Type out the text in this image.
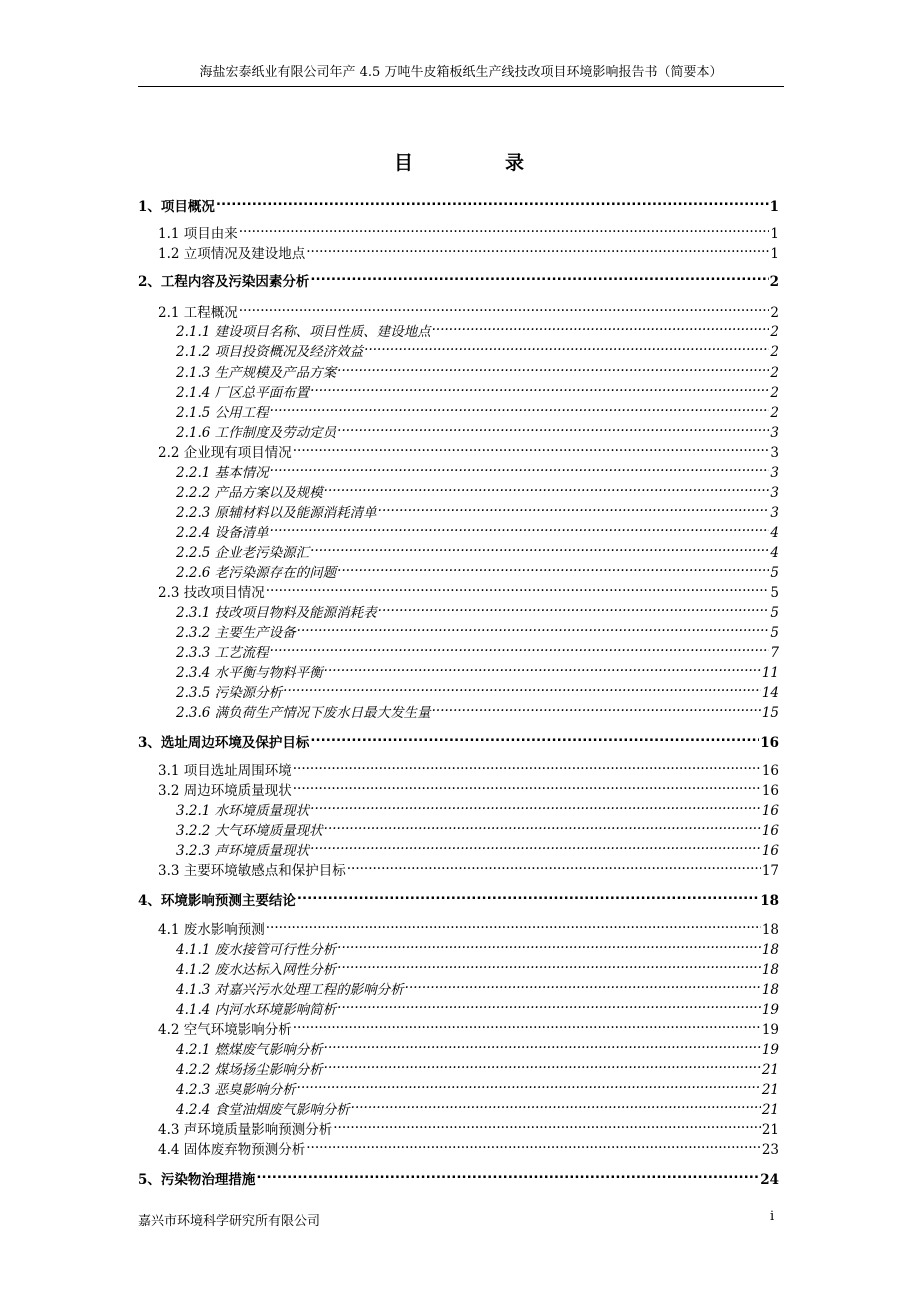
海盐宏泰纸业有限公司年产 4.5 万吨牛皮箱板纸生产线技改项目环境影响报告书（简要本）
目	录
1、项目概况 .....	1
1.1 项目由来 .....	1
1.2 立项情况及建设地点 .....	1
2、工程内容及污染因素分析 .....	2
2.1 工程概况 .....	2
2.1.1 建设项目名称、项目性质、建设地点 .....	2
2.1.2 项目投资概况及经济效益 .....	2
2.1.3 生产规模及产品方案 .....	2
2.1.4 厂区总平面布置 .....	2
2.1.5 公用工程 .....	2
2.1.6 工作制度及劳动定员 .....	3
2.2 企业现有项目情况 .....	3
2.2.1 基本情况 .....	3
2.2.2 产品方案以及规模 .....	3
2.2.3 原辅材料以及能源消耗清单 .....	3
2.2.4 设备清单 .....	4
2.2.5 企业老污染源汇 .....	4
2.2.6 老污染源存在的问题 .....	5
2.3 技改项目情况 .....	5
2.3.1 技改项目物料及能源消耗表 .....	5
2.3.2 主要生产设备 .....	5
2.3.3 工艺流程 .....	7
2.3.4 水平衡与物料平衡 .....	11
2.3.5 污染源分析 .....	14
2.3.6 满负荷生产情况下废水日最大发生量 .....	15
3、选址周边环境及保护目标 .....	16
3.1 项目选址周围环境 .....	16
3.2 周边环境质量现状 .....	16
3.2.1 水环境质量现状 .....	16
3.2.2 大气环境质量现状 .....	16
3.2.3 声环境质量现状 .....	16
3.3 主要环境敏感点和保护目标 .....	17
4、环境影响预测主要结论 .....	18
4.1 废水影响预测 .....	18
4.1.1 废水接管可行性分析 .....	18
4.1.2 废水达标入网性分析 .....	18
4.1.3 对嘉兴污水处理工程的影响分析 .....	18
4.1.4 内河水环境影响简析 .....	19
4.2 空气环境影响分析 .....	19
4.2.1 燃煤废气影响分析 .....	19
4.2.2 煤场扬尘影响分析 .....	21
4.2.3 恶臭影响分析 .....	21
4.2.4 食堂油烟废气影响分析 .....	21
4.3 声环境质量影响预测分析 .....	21
4.4 固体废弃物预测分析 .....	23
5、污染物治理措施 .....	24
嘉兴市环境科学研究所有限公司	i
